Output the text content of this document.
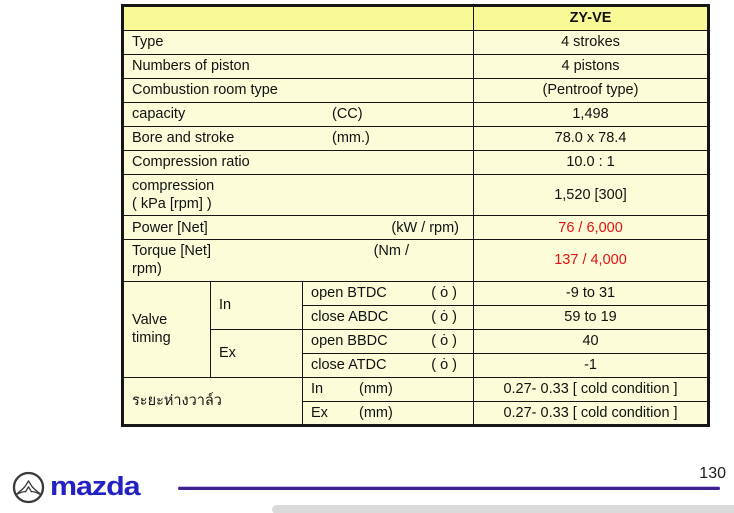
			ZY-VE
Type			4 strokes
Numbers of piston			4 pistons
Combustion room type			(Pentroof type)

capacity (CC)			1,498

Bore and stroke (mm.)			78.0 x 78.4
Compression ratio			10.0 : 1

compression
( kPa [rpm] )			1,520 [300]

Power [Net] (kW / rpm)			76 / 6,000

Torque [Net] (Nm /
rpm)			137 / 4,000
Valve timing	In	open BTDC ( ȯ )	-9 to 31

		close ABDC ( ȯ )	59 to 19
	Ex	open BBDC ( ȯ )	40

		close ATDC ( ȯ )	-1
ระยะห่างวาล์ว		In (mm)	0.27- 0.33 [ cold condition ]

		Ex (mm)	0.27- 0.33 [ cold condition ]
mazda	130
